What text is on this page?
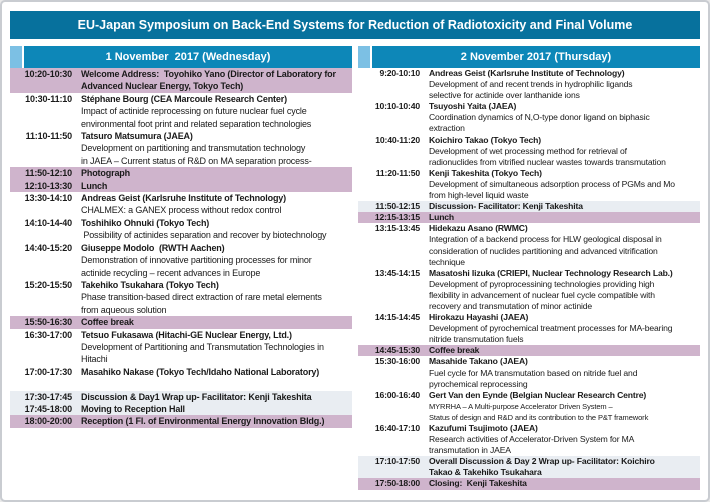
EU-Japan Symposium on Back-End Systems for Reduction of Radiotoxicity and Final Volume
1 November  2017 (Wednesday)
10:20-10:30 Welcome Address:  Toyohiko Yano (Director of Laboratory for
Advanced Nuclear Energy, Tokyo Tech)
10:30-11:10 Stéphane Bourg (CEA Marcoule Research Center)
Impact of actinide reprocessing on future nuclear fuel cycle
environmental foot print and related separation technologies
11:10-11:50 Tatsuro Matsumura (JAEA)
Development on partitioning and transmutation technology
in JAEA – Current status of R&D on MA separation process-
11:50-12:10 Photograph
12:10-13:30 Lunch
13:30-14:10 Andreas Geist (Karlsruhe Institute of Technology)
CHALMEX: a GANEX process without redox control
14:10-14-40 Toshihiko Ohnuki (Tokyo Tech)
Possibility of actinides separation and recover by biotechnology
14:40-15:20 Giuseppe Modolo  (RWTH Aachen)
Demonstration of innovative partitioning processes for minor
actinide recycling – recent advances in Europe
15:20-15:50 Takehiko Tsukahara (Tokyo Tech)
Phase transition-based direct extraction of rare metal elements
from aqueous solution
15:50-16:30 Coffee break
16:30-17:00 Tetsuo Fukasawa (Hitachi-GE Nuclear Energy, Ltd.)
Development of Partitioning and Transmutation Technologies in
Hitachi
17:00-17:30 Masahiko Nakase (Tokyo Tech/Idaho National Laboratory)
17:30-17:45 Discussion & Day1 Wrap up- Facilitator: Kenji Takeshita
17:45-18:00 Moving to Reception Hall
18:00-20:00 Reception (1 Fl. of Environmental Energy Innovation Bldg.)
2 November 2017 (Thursday)
9:20-10:10 Andreas Geist (Karlsruhe Institute of Technology)
Development of and recent trends in hydrophilic ligands
selective for actinide over lanthanide ions
10:10-10:40 Tsuyoshi Yaita (JAEA)
Coordination dynamics of N,O-type donor ligand on biphasic
extraction
10:40-11:20 Koichiro Takao (Tokyo Tech)
Development of wet processing method for retrieval of
radionuclides from vitrified nuclear wastes towards transmutation
11:20-11:50 Kenji Takeshita (Tokyo Tech)
Development of simultaneous adsorption process of PGMs and Mo
from high-level liquid waste
11:50-12:15 Discussion- Facilitator: Kenji Takeshita
12:15-13:15 Lunch
13:15-13:45 Hidekazu Asano (RWMC)
Integration of a backend process for HLW geological disposal in
consideration of nuclides partitioning and advanced vitrification
technique
13:45-14:15 Masatoshi Iizuka (CRIEPI, Nuclear Technology Research Lab.)
Development of pyroprocessining technologies providing high
flexibility in advancement of nuclear fuel cycle compatible with
recovery and transmutation of minor actinide
14:15-14:45 Hirokazu Hayashi (JAEA)
Development of pyrochemical treatment processes for MA-bearing
nitride transmutation fuels
14:45-15:30 Coffee break
15:30-16:00 Masahide Takano (JAEA)
Fuel cycle for MA transmutation based on nitride fuel and
pyrochemical reprocessing
16:00-16:40 Gert Van den Eynde (Belgian Nuclear Research Centre)
MYRRHA – A Multi-purpose Accelerator Driven System –
Status of design and R&D and its contribution to the P&T framework
16:40-17:10 Kazufumi Tsujimoto (JAEA)
Research activities of Accelerator-Driven System for MA
transmutation in JAEA
17:10-17:50 Overall Discussion & Day 2 Wrap up- Facilitator: Koichiro
Takao & Takehiko Tsukahara
17:50-18:00 Closing:  Kenji Takeshita
